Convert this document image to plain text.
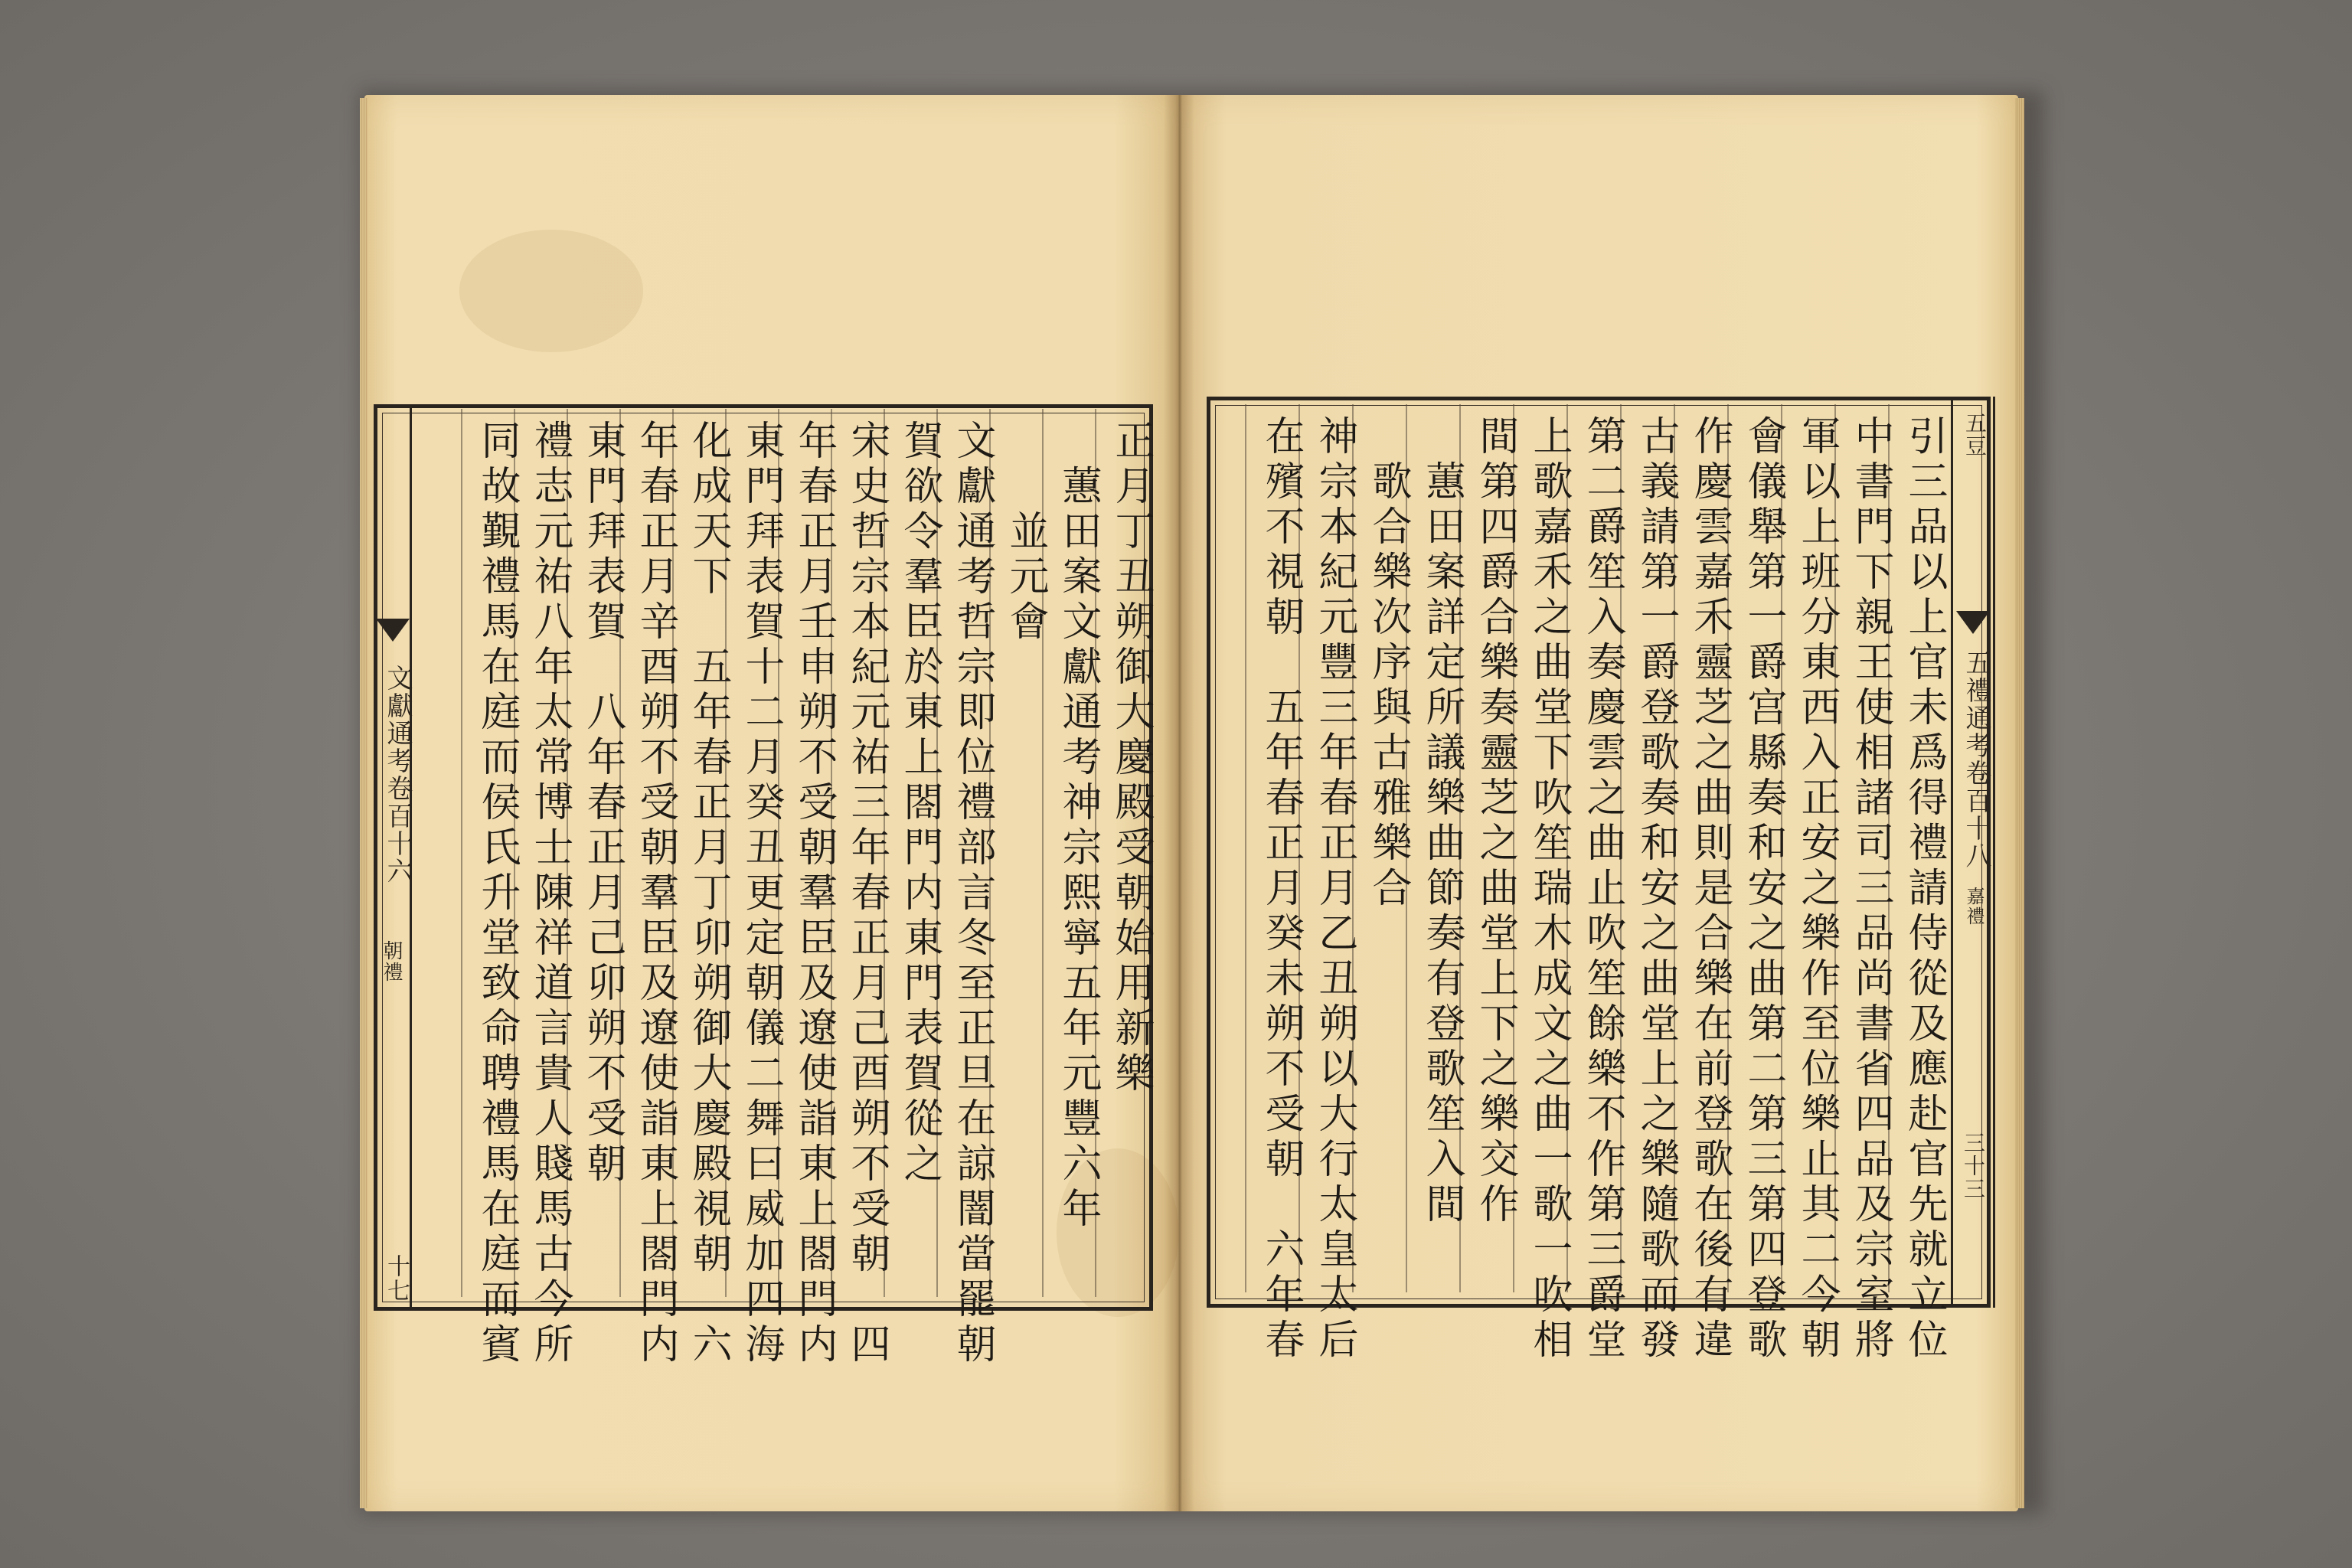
文獻通考卷百十六
朝禮
十七
五豆
五禮通考卷百十八
嘉禮
三十三
正月丁丑朔御大慶殿受朝始用新樂
　蕙田案文獻通考神宗熙寧五年元豐六年
　　並元會
文獻通考哲宗即位禮部言冬至正旦在諒闇當罷朝
賀欲令羣臣於東上閤門内東門表賀從之
宋史哲宗本紀元祐三年春正月己酉朔不受朝　四
年春正月壬申朔不受朝羣臣及遼使詣東上閤門内
東門拜表賀十二月癸丑更定朝儀二舞曰威加四海
化成天下　五年春正月丁卯朔御大慶殿視朝　六
年春正月辛酉朔不受朝羣臣及遼使詣東上閤門内
東門拜表賀　八年春正月己卯朔不受朝
禮志元祐八年太常博士陳祥道言貴人賤馬古今所
同故覲禮馬在庭而侯氏升堂致命聘禮馬在庭而賓	引三品以上官未爲得禮請侍從及應赴官先就立位
中書門下親王使相諸司三品尚書省四品及宗室將
軍以上班分東西入正安之樂作至位樂止其二今朝
會儀舉第一爵宫縣奏和安之曲第二第三第四登歌
作慶雲嘉禾靈芝之曲則是合樂在前登歌在後有違
古義請第一爵登歌奏和安之曲堂上之樂隨歌而發
第二爵笙入奏慶雲之曲止吹笙餘樂不作第三爵堂
上歌嘉禾之曲堂下吹笙瑞木成文之曲一歌一吹相
間第四爵合樂奏靈芝之曲堂上下之樂交作
　蕙田案詳定所議樂曲節奏有登歌笙入間
　歌合樂次序與古雅樂合
神宗本紀元豐三年春正月乙丑朔以大行太皇太后
在殯不視朝　五年春正月癸未朔不受朝　六年春
